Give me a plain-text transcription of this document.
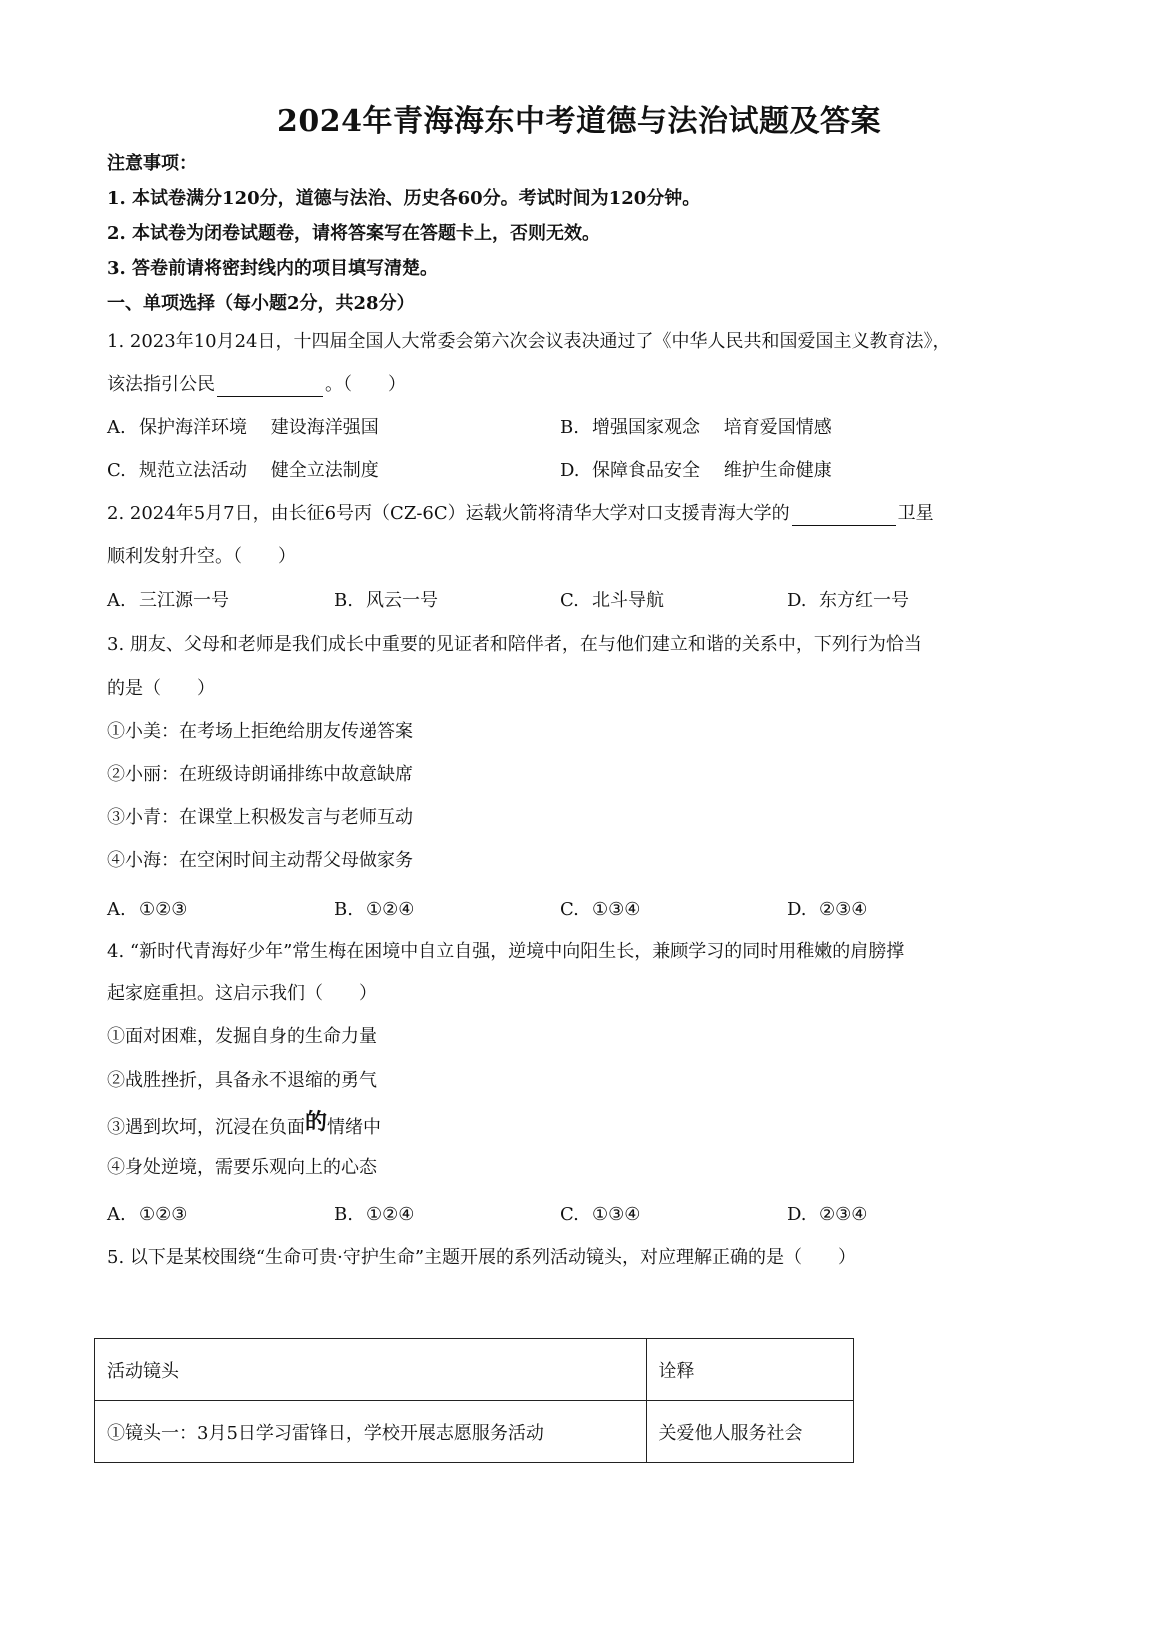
2024年青海海东中考道德与法治试题及答案
注意事项：
1. 本试卷满分120分，道德与法治、历史各60分。考试时间为120分钟。
2. 本试卷为闭卷试题卷，请将答案写在答题卡上，否则无效。
3. 答卷前请将密封线内的项目填写清楚。
一、单项选择（每小题2分，共28分）
1. 2023年10月24日，十四届全国人大常委会第六次会议表决通过了《中华人民共和国爱国主义教育法》，
该法指引公民	。（　　）
A. 保护海洋环境　 建设海洋强国	B. 增强国家观念　 培育爱国情感
C. 规范立法活动　 健全立法制度	D. 保障食品安全　 维护生命健康
2. 2024年5月7日，由长征6号丙（CZ-6C）运载火箭将清华大学对口支援青海大学的	卫星
顺利发射升空。（　　）
A. 三江源一号	B. 风云一号	C. 北斗导航	D. 东方红一号
3. 朋友、父母和老师是我们成长中重要的见证者和陪伴者，在与他们建立和谐的关系中，下列行为恰当
的是（　　）
①小美：在考场上拒绝给朋友传递答案
②小丽：在班级诗朗诵排练中故意缺席
③小青：在课堂上积极发言与老师互动
④小海：在空闲时间主动帮父母做家务
A. ①②③	B. ①②④	C. ①③④	D. ②③④
4. “新时代青海好少年”常生梅在困境中自立自强，逆境中向阳生长，兼顾学习的同时用稚嫩的肩膀撑
起家庭重担。这启示我们（　　）
①面对困难，发掘自身的生命力量
②战胜挫折，具备永不退缩的勇气
③遇到坎坷，沉浸在负面的情绪中
④身处逆境，需要乐观向上的心态
A. ①②③	B. ①②④	C. ①③④	D. ②③④
5. 以下是某校围绕“生命可贵·守护生命”主题开展的系列活动镜头，对应理解正确的是（　　）
活动镜头	诠释
①镜头一：3月5日学习雷锋日，学校开展志愿服务活动	关爱他人服务社会
